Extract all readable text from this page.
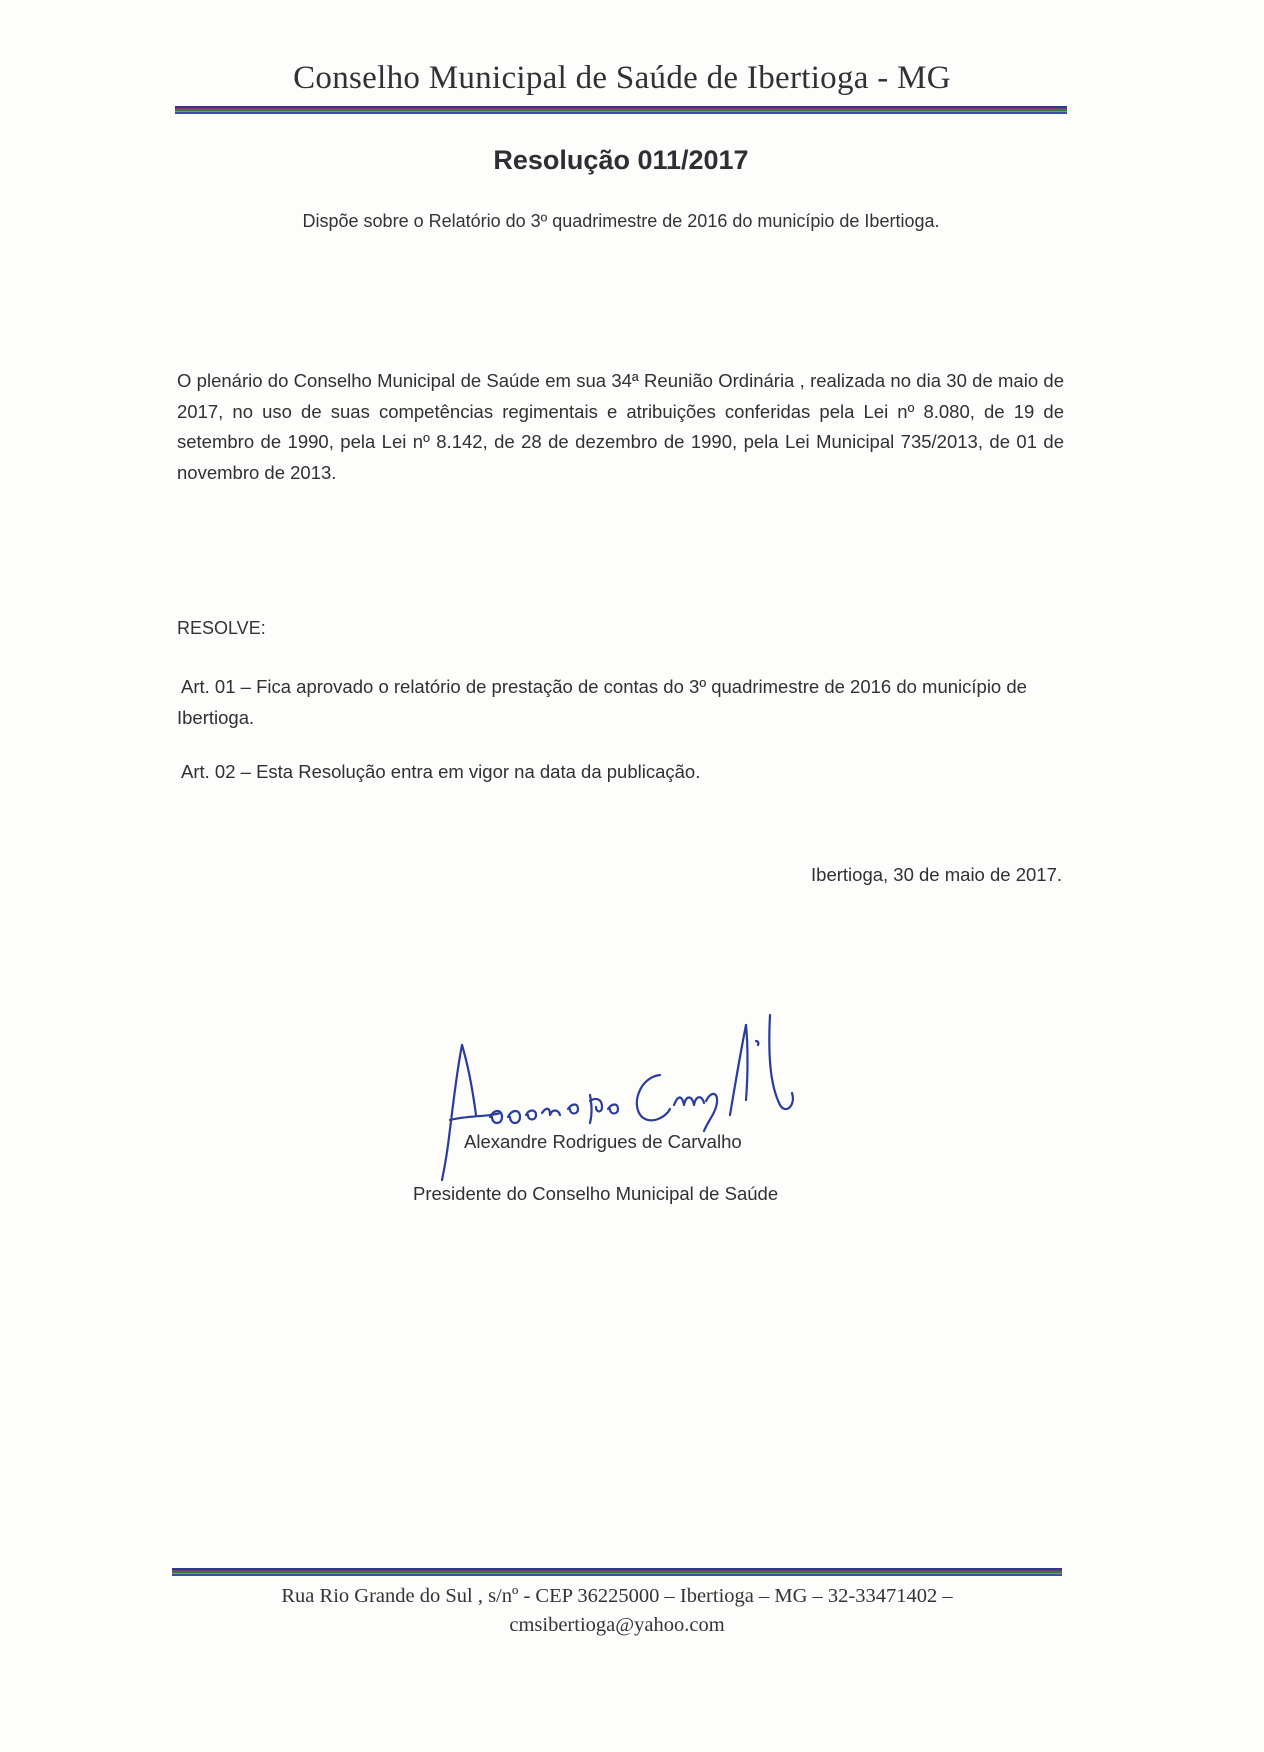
Conselho Municipal de Saúde de Ibertioga - MG
Resolução 011/2017
Dispõe sobre o Relatório do 3º quadrimestre de 2016 do município de Ibertioga.
O plenário do Conselho Municipal de Saúde em sua 34ª Reunião Ordinária , realizada no dia 30 de maio de 2017, no uso de suas competências regimentais e atribuições conferidas pela Lei nº 8.080, de 19 de setembro de 1990, pela Lei nº 8.142, de 28 de dezembro de 1990, pela Lei Municipal 735/2013, de 01 de novembro de 2013.
RESOLVE:
Art. 01 – Fica aprovado o relatório de prestação de contas do 3º quadrimestre de 2016 do município de Ibertioga.
Art. 02 – Esta Resolução entra em vigor na data da publicação.
Ibertioga, 30 de maio de 2017.
Alexandre Rodrigues de Carvalho
Presidente do Conselho Municipal de Saúde
Rua Rio Grande do Sul , s/nº - CEP 36225000 – Ibertioga – MG – 32-33471402 –
cmsibertioga@yahoo.com
